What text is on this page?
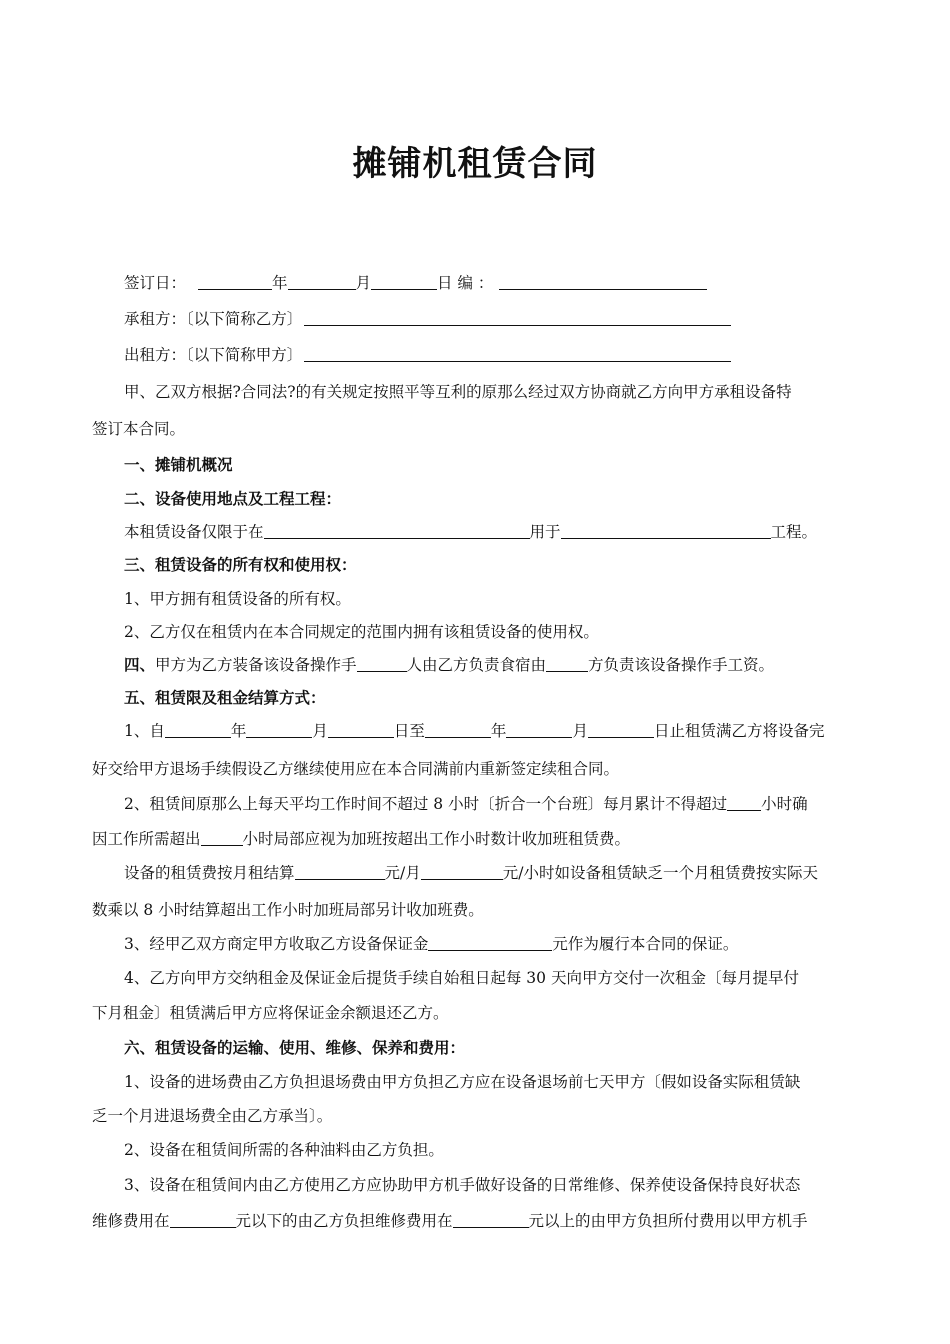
摊铺机租赁合同
签订日：	年	月	日 编 ：
承租方：〔以下简称乙方〕
出租方：〔以下简称甲方〕
甲、乙双方根据?合同法?的有关规定按照平等互利的原那么经过双方协商就乙方向甲方承租设备特
签订本合同。
一、摊铺机概况
二、设备使用地点及工程工程：
本租赁设备仅限于在	用于	工程。
三、租赁设备的所有权和使用权：
1、甲方拥有租赁设备的所有权。
2、乙方仅在租赁内在本合同规定的范围内拥有该租赁设备的使用权。
四、甲方为乙方装备该设备操作手	人由乙方负责食宿由	方负责该设备操作手工资。
五、租赁限及租金结算方式：
1、自	年	月	日至	年	月	日止租赁满乙方将设备完
好交给甲方退场手续假设乙方继续使用应在本合同满前内重新签定续租合同。
2、租赁间原那么上每天平均工作时间不超过 8 小时〔折合一个台班〕每月累计不得超过 小时确
因工作所需超出	小时局部应视为加班按超出工作小时数计收加班租赁费。
设备的租赁费按月租结算	元/月	元/小时如设备租赁缺乏一个月租赁费按实际天
数乘以 8 小时结算超出工作小时加班局部另计收加班费。
3、经甲乙双方商定甲方收取乙方设备保证金	元作为履行本合同的保证。
4、乙方向甲方交纳租金及保证金后提货手续自始租日起每 30 天向甲方交付一次租金〔每月提早付
下月租金〕租赁满后甲方应将保证金余额退还乙方。
六、租赁设备的运输、使用、维修、保养和费用：
1、设备的进场费由乙方负担退场费由甲方负担乙方应在设备退场前七天甲方〔假如设备实际租赁缺
乏一个月进退场费全由乙方承当〕。
2、设备在租赁间所需的各种油料由乙方负担。
3、设备在租赁间内由乙方使用乙方应协助甲方机手做好设备的日常维修、保养使设备保持良好状态
维修费用在	元以下的由乙方负担维修费用在	元以上的由甲方负担所付费用以甲方机手
